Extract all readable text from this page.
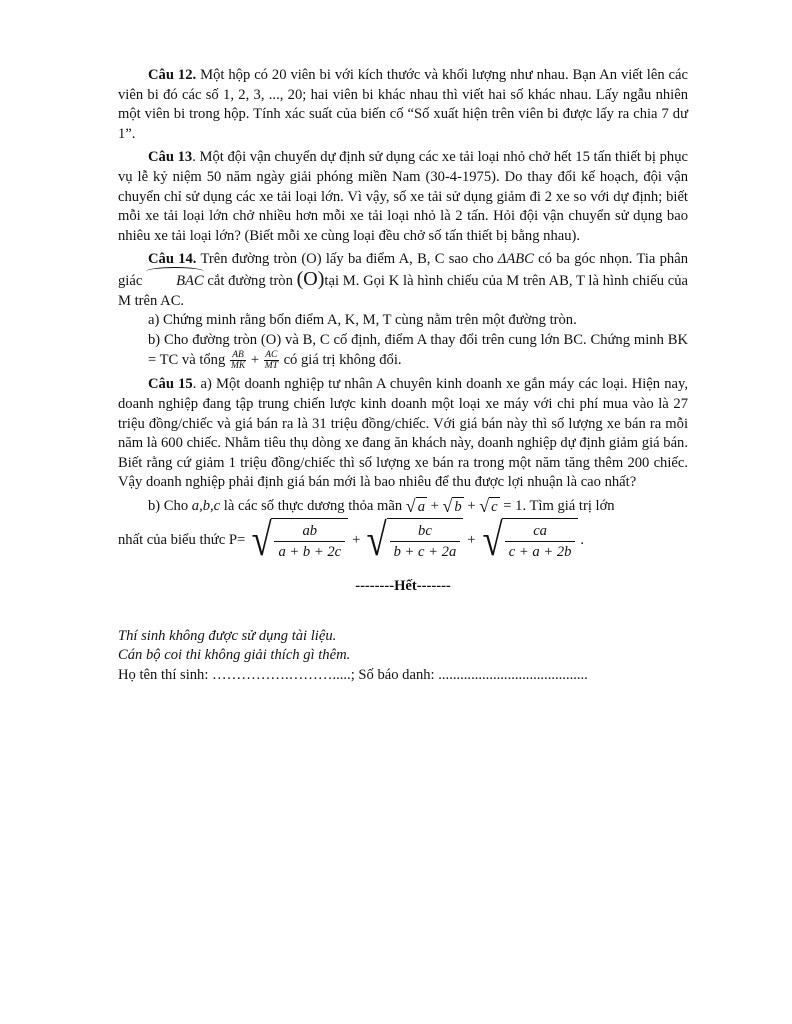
Câu 12. Một hộp có 20 viên bi với kích thước và khối lượng như nhau. Bạn An viết lên các viên bi đó các số 1, 2, 3, ..., 20; hai viên bi khác nhau thì viết hai số khác nhau. Lấy ngẫu nhiên một viên bi trong hộp. Tính xác suất của biến cố “Số xuất hiện trên viên bi được lấy ra chia 7 dư 1”.

Câu 13. Một đội vận chuyển dự định sử dụng các xe tải loại nhỏ chở hết 15 tấn thiết bị phục vụ lễ kỷ niệm 50 năm ngày giải phóng miền Nam (30-4-1975). Do thay đổi kế hoạch, đội vận chuyển chỉ sử dụng các xe tải loại lớn. Vì vậy, số xe tải sử dụng giảm đi 2 xe so với dự định; biết mỗi xe tải loại lớn chở nhiều hơn mỗi xe tải loại nhỏ là 2 tấn. Hỏi đội vận chuyển sử dụng bao nhiêu xe tải loại lớn? (Biết mỗi xe cùng loại đều chở số tấn thiết bị bằng nhau).

Câu 14. Trên đường tròn (O) lấy ba điểm A, B, C sao cho ΔABC có ba góc nhọn. Tia phân giác BAC cắt đường tròn (O)tại M. Gọi K là hình chiếu của M trên AB, T là hình chiếu của M trên AC.

a) Chứng minh rằng bốn điểm A, K, M, T cùng nằm trên một đường tròn.

b) Cho đường tròn (O) và B, C cố định, điểm A thay đổi trên cung lớn BC. Chứng minh BK = TC và tổng $\frac{AB}{MK} + \frac{AC}{MT}$ có giá trị không đổi.

Câu 15. a) Một doanh nghiệp tư nhân A chuyên kinh doanh xe gắn máy các loại. Hiện nay, doanh nghiệp đang tập trung chiến lược kinh doanh một loại xe máy với chi phí mua vào là 27 triệu đồng/chiếc và giá bán ra là 31 triệu đồng/chiếc. Với giá bán này thì số lượng xe bán ra mỗi năm là 600 chiếc. Nhằm tiêu thụ dòng xe đang ăn khách này, doanh nghiệp dự định giảm giá bán. Biết rằng cứ giảm 1 triệu đồng/chiếc thì số lượng xe bán ra trong một năm tăng thêm 200 chiếc. Vậy doanh nghiệp phải định giá bán mới là bao nhiêu để thu được lợi nhuận là cao nhất?

b) Cho a,b,c là các số thực dương thỏa mãn √ a + √ b + √ c = 1. Tìm giá trị lớn

nhất của biểu thức P= √ $\frac{ab}{a + b + 2c}$ + √ $\frac{bc}{b + c + 2a}$ + √ $\frac{ca}{c + a + 2b}$ .

--------Hết-------

Thí sinh không được sử dụng tài liệu.

Cán bộ coi thi không giải thích gì thêm.

Họ tên thí sinh: …………….……….....; Số báo danh: .........................................
